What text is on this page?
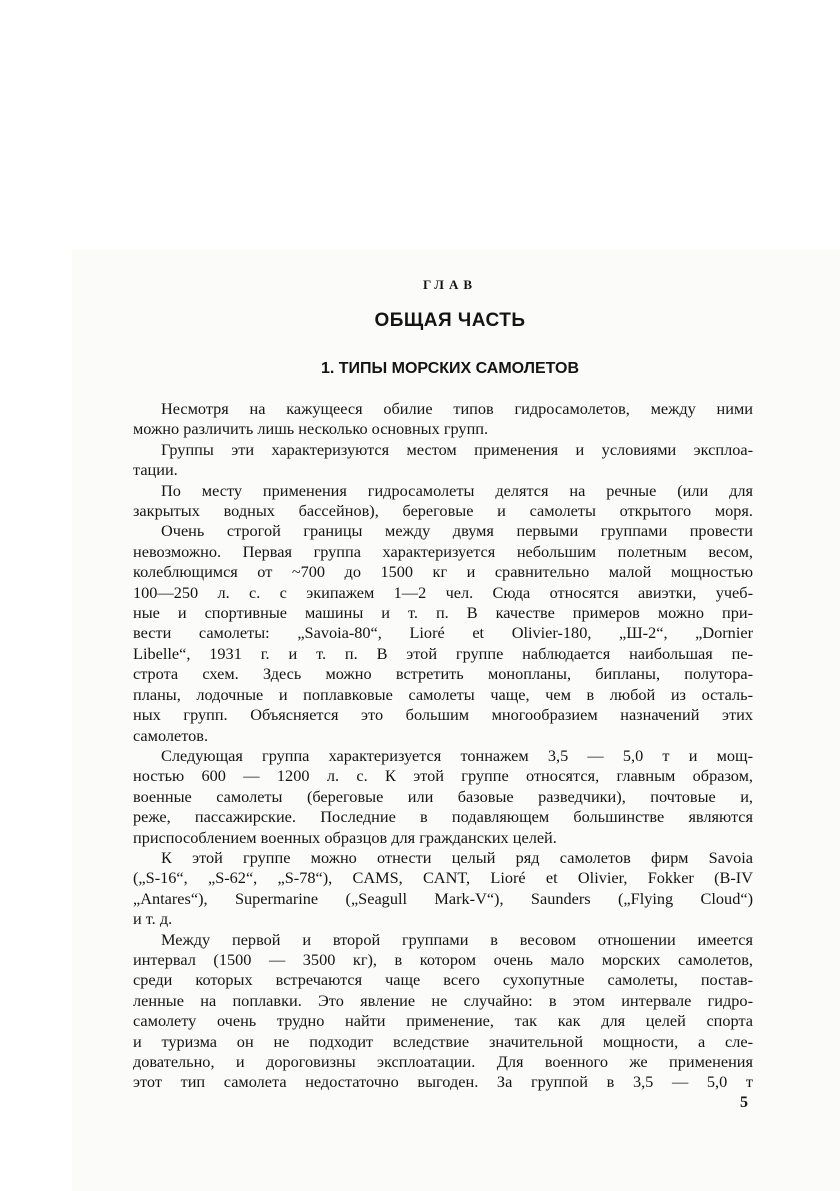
ГЛАВ
ОБЩАЯ ЧАСТЬ
1. ТИПЫ МОРСКИХ САМОЛЕТОВ
Несмотря на кажущееся обилие типов гидросамолетов, между ними
можно различить лишь несколько основных групп.
Группы эти характеризуются местом применения и условиями эксплоа-
тации.
По месту применения гидросамолеты делятся на речные (или для
закрытых водных бассейнов), береговые и самолеты открытого моря.
Очень строгой границы между двумя первыми группами провести
невозможно. Первая группа характеризуется небольшим полетным весом,
колеблющимся от ~700 до 1500 кг и сравнительно малой мощностью
100—250 л. с. с экипажем 1—2 чел. Сюда относятся авиэтки, учеб-
ные и спортивные машины и т. п. В качестве примеров можно при-
вести самолеты: „Savoia-80“, Lioré et Olivier-180, „Ш-2“, „Dornier
Libelle“, 1931 г. и т. п. В этой группе наблюдается наибольшая пе-
строта схем. Здесь можно встретить монопланы, бипланы, полутора-
планы, лодочные и поплавковые самолеты чаще, чем в любой из осталь-
ных групп. Объясняется это большим многообразием назначений этих
самолетов.
Следующая группа характеризуется тоннажем 3,5 — 5,0 т и мощ-
ностью 600 — 1200 л. с. К этой группе относятся, главным образом,
военные самолеты (береговые или базовые разведчики), почтовые и,
реже, пассажирские. Последние в подавляющем большинстве являются
приспособлением военных образцов для гражданских целей.
К этой группе можно отнести целый ряд самолетов фирм Savoia
(„S-16“, „S-62“, „S-78“), CAMS, CANT, Lioré et Olivier, Fokker (B-IV
„Antares“), Supermarine („Seagull Mark-V“), Saunders („Flying Cloud“)
и т. д.
Между первой и второй группами в весовом отношении имеется
интервал (1500 — 3500 кг), в котором очень мало морских самолетов,
среди которых встречаются чаще всего сухопутные самолеты, постав-
ленные на поплавки. Это явление не случайно: в этом интервале гидро-
самолету очень трудно найти применение, так как для целей спорта
и туризма он не подходит вследствие значительной мощности, а сле-
довательно, и дороговизны эксплоатации. Для военного же применения
этот тип самолета недостаточно выгоден. За группой в 3,5 — 5,0 т
5
